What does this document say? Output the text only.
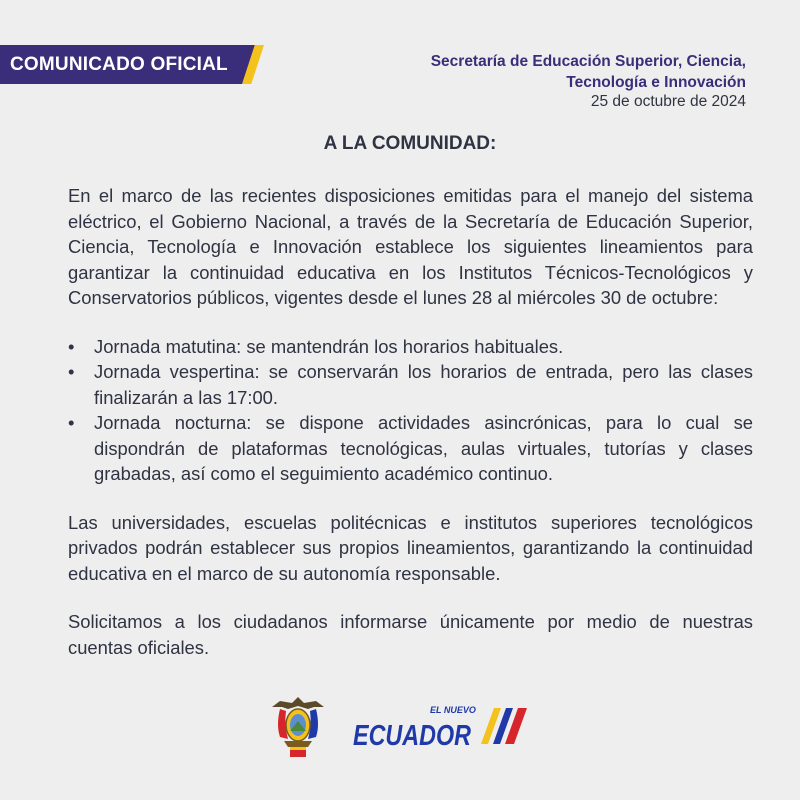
COMUNICADO OFICIAL	Secretaría de Educación Superior, Ciencia,
Tecnología e Innovación
25 de octubre de 2024
A LA COMUNIDAD:

En el marco de las recientes disposiciones emitidas para el manejo del sistema eléctrico, el Gobierno Nacional, a través de la Secretaría de Educación Superior, Ciencia, Tecnología e Innovación establece los siguientes lineamientos para garantizar la continuidad educativa en los Institutos Técnicos-Tecnológicos y Conservatorios públicos, vigentes desde el lunes 28 al miércoles 30 de octubre:

• Jornada matutina: se mantendrán los horarios habituales.
• Jornada vespertina: se conservarán los horarios de entrada, pero las clases finalizarán a las 17:00.
• Jornada nocturna: se dispone actividades asincrónicas, para lo cual se dispondrán de plataformas tecnológicas, aulas virtuales, tutorías y clases grabadas, así como el seguimiento académico continuo.

Las universidades, escuelas politécnicas e institutos superiores tecnológicos privados podrán establecer sus propios lineamientos, garantizando la continuidad educativa en el marco de su autonomía responsable.

Solicitamos a los ciudadanos informarse únicamente por medio de nuestras cuentas oficiales.

EL NUEVO
ECUADOR
